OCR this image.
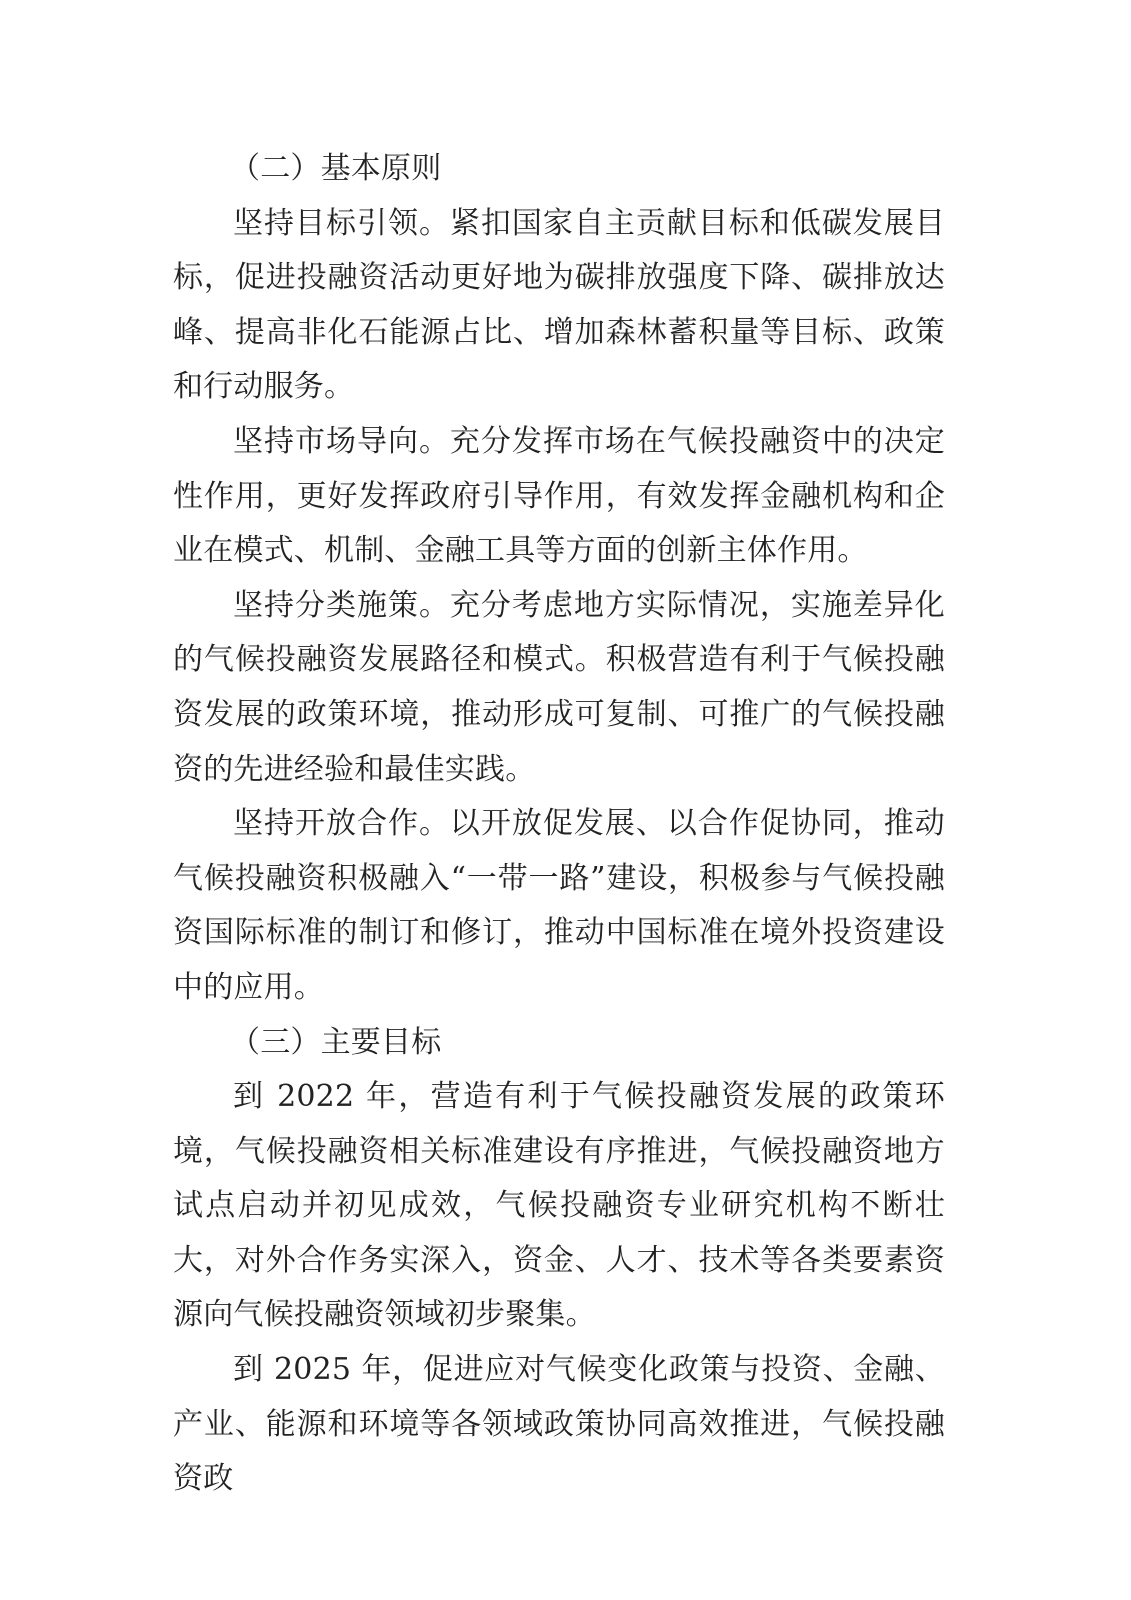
（二）基本原则

坚持目标引领。紧扣国家自主贡献目标和低碳发展目标，促进投融资活动更好地为碳排放强度下降、碳排放达峰、提高非化石能源占比、增加森林蓄积量等目标、政策和行动服务。

坚持市场导向。充分发挥市场在气候投融资中的决定性作用，更好发挥政府引导作用，有效发挥金融机构和企业在模式、机制、金融工具等方面的创新主体作用。

坚持分类施策。充分考虑地方实际情况，实施差异化的气候投融资发展路径和模式。积极营造有利于气候投融资发展的政策环境，推动形成可复制、可推广的气候投融资的先进经验和最佳实践。

坚持开放合作。以开放促发展、以合作促协同，推动气候投融资积极融入“一带一路”建设，积极参与气候投融资国际标准的制订和修订，推动中国标准在境外投资建设中的应用。

（三）主要目标

到 2022 年，营造有利于气候投融资发展的政策环境，气候投融资相关标准建设有序推进，气候投融资地方试点启动并初见成效，气候投融资专业研究机构不断壮大，对外合作务实深入，资金、人才、技术等各类要素资源向气候投融资领域初步聚集。

到 2025 年，促进应对气候变化政策与投资、金融、产业、能源和环境等各领域政策协同高效推进，气候投融资政
